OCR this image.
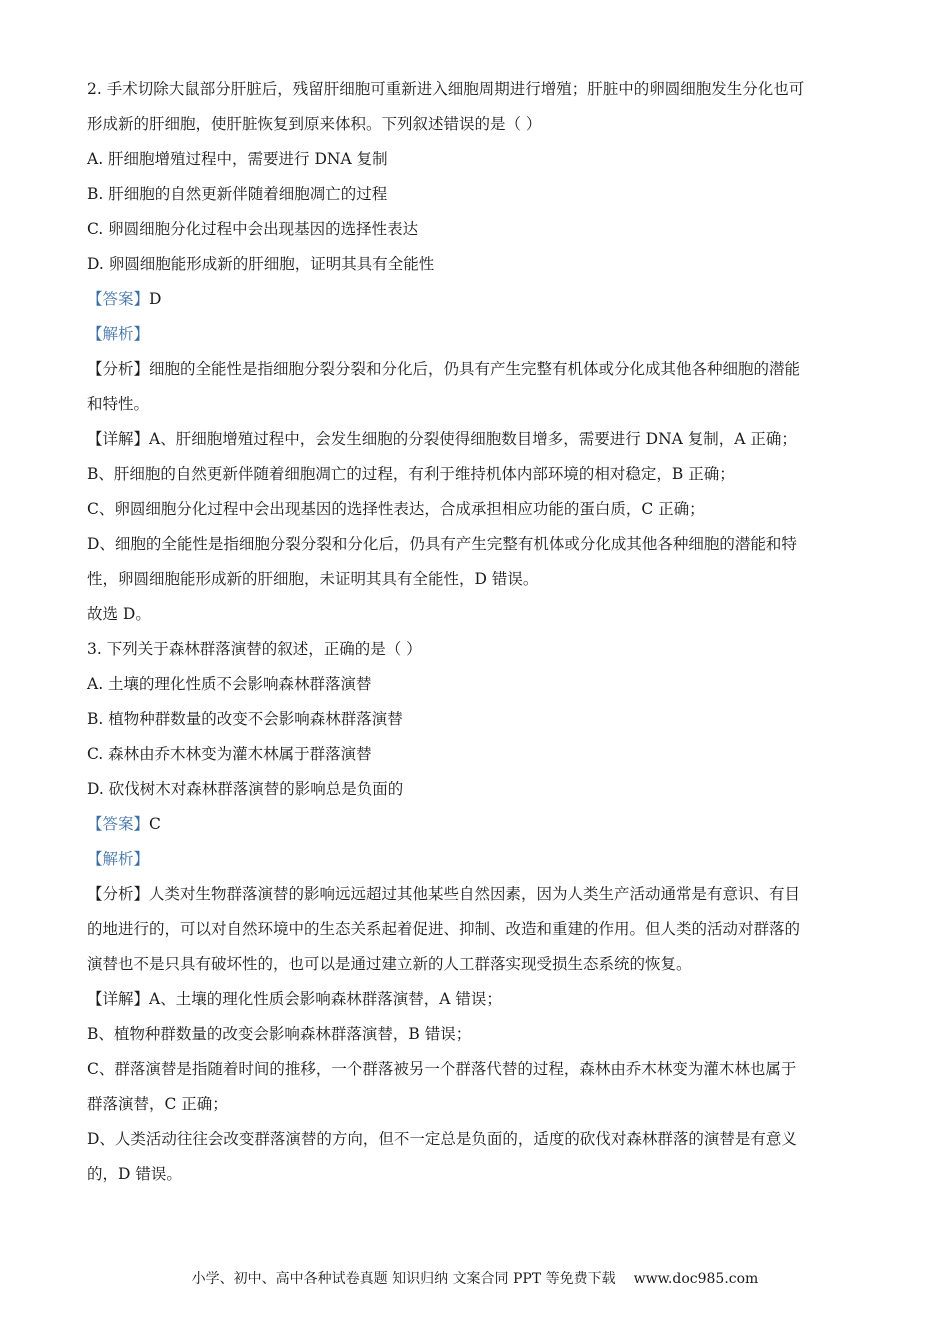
2. 手术切除大鼠部分肝脏后，残留肝细胞可重新进入细胞周期进行增殖；肝脏中的卵圆细胞发生分化也可
形成新的肝细胞，使肝脏恢复到原来体积。下列叙述错误的是（ ）
A. 肝细胞增殖过程中，需要进行 DNA 复制
B. 肝细胞的自然更新伴随着细胞凋亡的过程
C. 卵圆细胞分化过程中会出现基因的选择性表达
D. 卵圆细胞能形成新的肝细胞，证明其具有全能性
【答案】D
【解析】
【分析】细胞的全能性是指细胞分裂分裂和分化后，仍具有产生完整有机体或分化成其他各种细胞的潜能
和特性。
【详解】A、肝细胞增殖过程中，会发生细胞的分裂使得细胞数目增多，需要进行 DNA 复制，A 正确；
B、肝细胞的自然更新伴随着细胞凋亡的过程，有利于维持机体内部环境的相对稳定，B 正确；
C、卵圆细胞分化过程中会出现基因的选择性表达，合成承担相应功能的蛋白质，C 正确；
D、细胞的全能性是指细胞分裂分裂和分化后，仍具有产生完整有机体或分化成其他各种细胞的潜能和特
性，卵圆细胞能形成新的肝细胞，未证明其具有全能性，D 错误。
故选 D。
3. 下列关于森林群落演替的叙述，正确的是（ ）
A. 土壤的理化性质不会影响森林群落演替
B. 植物种群数量的改变不会影响森林群落演替
C. 森林由乔木林变为灌木林属于群落演替
D. 砍伐树木对森林群落演替的影响总是负面的
【答案】C
【解析】
【分析】人类对生物群落演替的影响远远超过其他某些自然因素，因为人类生产活动通常是有意识、有目
的地进行的，可以对自然环境中的生态关系起着促进、抑制、改造和重建的作用。但人类的活动对群落的
演替也不是只具有破坏性的，也可以是通过建立新的人工群落实现受损生态系统的恢复。
【详解】A、土壤的理化性质会影响森林群落演替，A 错误；
B、植物种群数量的改变会影响森林群落演替，B 错误；
C、群落演替是指随着时间的推移，一个群落被另一个群落代替的过程，森林由乔木林变为灌木林也属于
群落演替，C 正确；
D、人类活动往往会改变群落演替的方向，但不一定总是负面的，适度的砍伐对森林群落的演替是有意义
的，D 错误。
小学、初中、高中各种试卷真题 知识归纳 文案合同 PPT 等免费下载 www.doc985.com
